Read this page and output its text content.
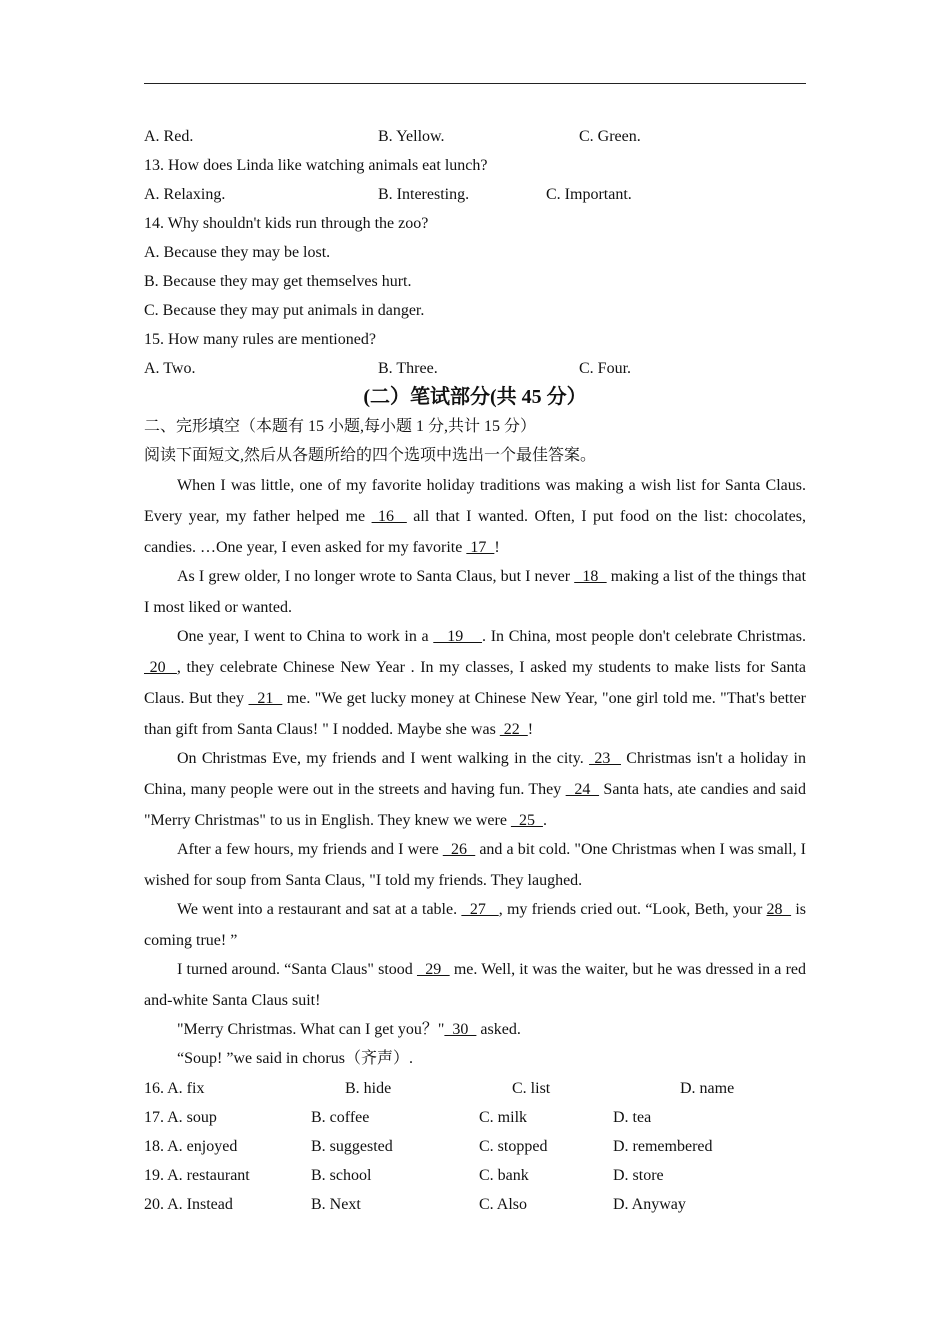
A. Red.	B. Yellow.	C. Green.
13. How does Linda like watching animals eat lunch?
A. Relaxing.	B. Interesting.	C. Important.
14. Why shouldn't kids run through the zoo?
A. Because they may be lost.
B. Because they may get themselves hurt.
C. Because they may put animals in danger.
15. How many rules are mentioned?
A. Two.	B. Three.	C. Four.
(二）笔试部分(共 45 分）
二、完形填空（本题有 15 小题,每小题 1 分,共计 15 分）
阅读下面短文,然后从各题所给的四个选项中选出一个最佳答案。

When I was little, one of my favorite holiday traditions was making a wish list for Santa Claus. Every year, my father helped me  16   all that I wanted. Often, I put food on the list: chocolates, candies. …One year, I even asked for my favorite  17  !

As I grew older, I no longer wrote to Santa Claus, but I never   18   making a list of the things that I most liked or wanted.

One year, I went to China to work in a    19    . In China, most people don't celebrate Christmas.  20  , they celebrate Chinese New Year . In my classes, I asked my students to make lists for Santa Claus. But they   21   me. "We get lucky money at Chinese New Year, "one girl told me. "That's better than gift from Santa Claus! " I nodded. Maybe she was  22  !

On Christmas Eve, my friends and I went walking in the city.  23   Christmas isn't a holiday in China, many people were out in the streets and having fun. They   24   Santa hats, ate candies and said "Merry Christmas" to us in English. They knew we were   25  .

After a few hours, my friends and I were   26   and a bit cold. "One Christmas when I was small, I wished for soup from Santa Claus, "I told my friends. They laughed.

We went into a restaurant and sat at a table.   27   , my friends cried out. “Look, Beth, your 28   is coming true! ”

I turned around. “Santa Claus" stood   29   me. Well, it was the waiter, but he was dressed in a red and-white Santa Claus suit!

"Merry Christmas. What can I get you？"  30   asked.

“Soup! ”we said in chorus（齐声）.

16. A. fix	B. hide	C. list	D. name
17. A. soup	B. coffee	C. milk	D. tea
18. A. enjoyed	B. suggested	C. stopped	D. remembered
19. A. restaurant	B. school	C. bank	D. store
20. A. Instead	B. Next	C. Also	D. Anyway
